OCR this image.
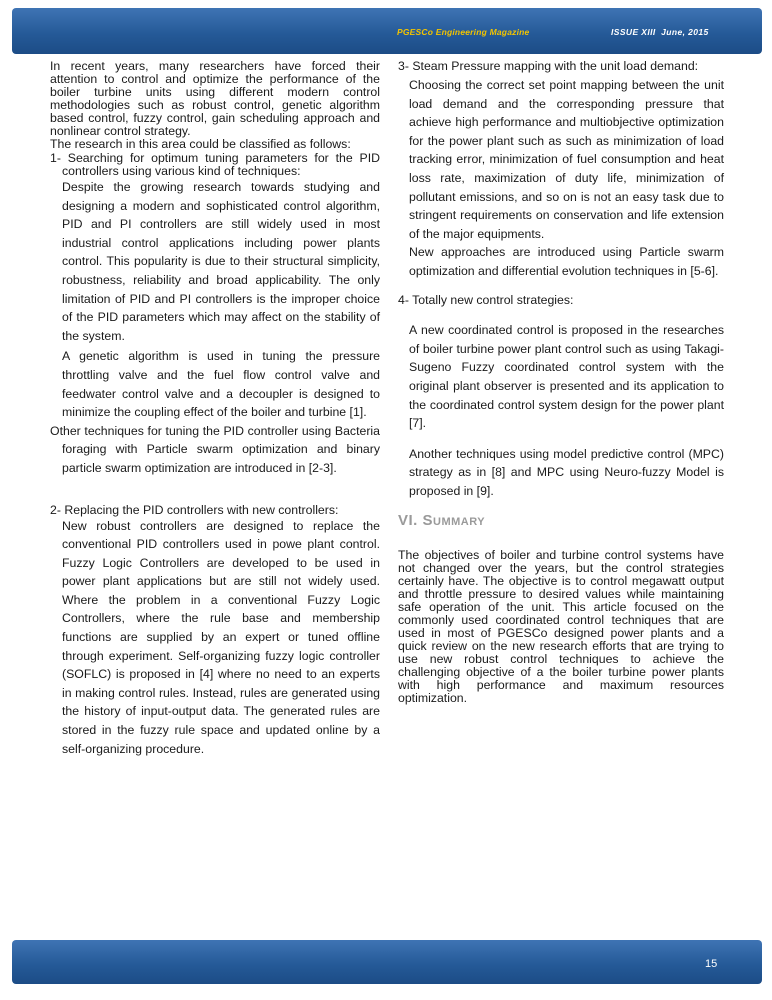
PGESCo Engineering Magazine	ISSUE XIII  June, 2015

In recent years, many researchers have forced their attention to control and optimize the performance of the boiler turbine units using different modern control methodologies such as robust control, genetic algorithm based control, fuzzy control, gain scheduling approach and nonlinear control strategy.

The research in this area could be classified as follows:

1- Searching for optimum tuning parameters for the PID controllers using various kind of techniques:

Despite the growing research towards studying and designing a modern and sophisticated control algorithm, PID and PI controllers are still widely used in most industrial control applications including power plants control. This popularity is due to their structural simplicity, robustness, reliability and broad applicability. The only limitation of PID and PI controllers is the improper choice of the PID parameters which may affect on the stability of the system.

A genetic algorithm is used in tuning the pressure throttling valve and the fuel flow control valve and feedwater control valve and a decoupler is designed to minimize the coupling effect of the boiler and turbine [1].

Other techniques for tuning the PID controller using Bacteria foraging with Particle swarm optimization and binary particle swarm optimization are introduced in [2-3].

2- Replacing the PID controllers with new controllers:

New robust controllers are designed to replace the conventional PID controllers used in powe plant control. Fuzzy Logic Controllers are developed to be used in power plant applications but are still not widely used. Where the problem in a conventional Fuzzy Logic Controllers, where the rule base and membership functions are supplied by an expert or tuned offline through experiment. Self-organizing fuzzy logic controller (SOFLC) is proposed in [4] where no need to an experts in making control rules. Instead, rules are generated using the history of input-output data. The generated rules are stored in the fuzzy rule space and updated online by a self-organizing procedure.

3- Steam Pressure mapping with the unit load demand:

Choosing the correct set point mapping between the unit load demand and the corresponding pressure that achieve high performance and multiobjective optimization for the power plant such as such as minimization of load tracking error, minimization of fuel consumption and heat loss rate, maximization of duty life, minimization of pollutant emissions, and so on is not an easy task due to stringent requirements on conservation and life extension of the major equipments.

New approaches are introduced using Particle swarm optimization and differential evolution techniques in [5-6].

4- Totally new control strategies:

A new coordinated control is proposed in the researches of boiler turbine power plant control such as using Takagi-Sugeno Fuzzy coordinated control system with the original plant observer is presented and its application to the coordinated control system design for the power plant [7].

Another techniques using model predictive control (MPC) strategy as in [8] and MPC using Neuro-fuzzy Model is proposed in [9].

VI. Summary

The objectives of boiler and turbine control systems have not changed over the years, but the control strategies certainly have. The objective is to control megawatt output and throttle pressure to desired values while maintaining safe operation of the unit. This article focused on the commonly used coordinated control techniques that are used in most of PGESCo designed power plants and a quick review on the new research efforts that are trying to use new robust control techniques to achieve the challenging objective of a the boiler turbine power plants with high performance and maximum resources optimization.

15
